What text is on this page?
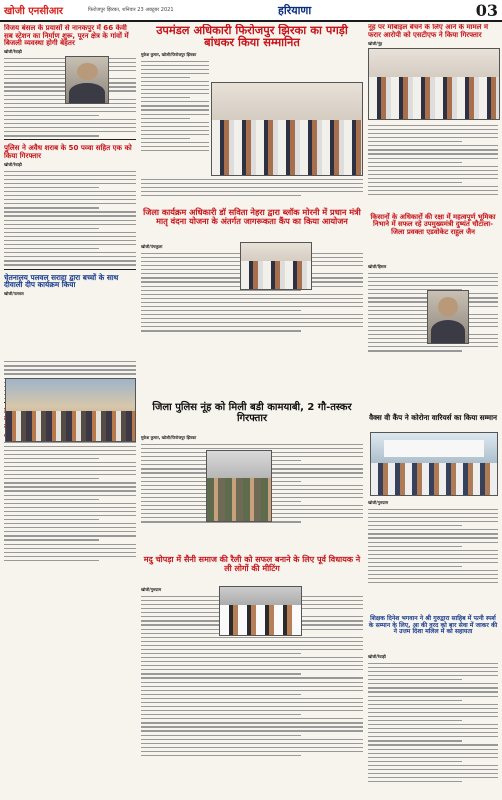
खोजी एनसीआर	फिरोजपुर झिरका, शनिवार 23 अक्टूबर 2021	हरियाणा	03
विजय बंसल के प्रयासों से नानकपुर में 66 केवी सब स्टेशन का निर्माण शुरू, पूरन क्षेत्र के गांवों में बिजली व्यवस्था होगी बेहतर
खोजी/रेवाड़ी
पुलिस ने अवैध शराब के 50 पव्वा सहित एक को किया गिरफ्तार
खोजी/रेवाड़ी
चेतनालय पलवल सराहा द्वारा बच्चों के साथ दीवाली दीप कार्यक्रम किया
खोजी/पलवल
उपमंडल अधिकारी फिरोजपुर झिरका का पगड़ी बांधकर किया सम्मानित
मुकेश कुमार, खोजी/फिरोजपुर झिरका
जिला कार्यक्रम अधिकारी डॉ सविता नेहरा द्वारा ब्लॉक मोरनी में प्रधान मंत्री मातृ वंदना योजना के अंतर्गत जागरूकता कैंप का किया आयोजन
खोजी/पंचकूला
जिला पुलिस नूंह को मिली बडी कामयाबी, 2 गौ-तस्कर गिरफ्तार
मुकेश कुमार, खोजी/फिरोजपुर झिरका
मदु चोपड़ा में सैनी समाज की रैली को सफल बनाने के लिए पूर्व विधायक ने ली लोगों की मीटिंग
खोजी/गुरुग्राम
नूंह पर मोबाइल बेचने के लिए आने के मामले में फरार आरोपी को एसटीएफ ने किया गिरफ्तार
खोजी/नूंह
किसानों के अधिकारों की रक्षा में महत्वपूर्ण भूमिका निभाने में सफल रहे उपमुख्यमंत्री दुष्यंत चौटाला-जिला प्रवक्ता एडवोकेट राहुल जैन
खोजी/हिसार
वैक्स वी कैंप ने कोरोना वारियर्स का किया सम्मान
खोजी/गुरुग्राम
शिक्षक दिनेश भगवान ने श्री गुरुद्वारा साहिब में पत्नी स्पर्श के सम्मान के लिए, आ की वरद को बार सेवा में जाकर की ने उत्तम दिशा मलिल में को सहायता
खोजी/रेवाड़ी
